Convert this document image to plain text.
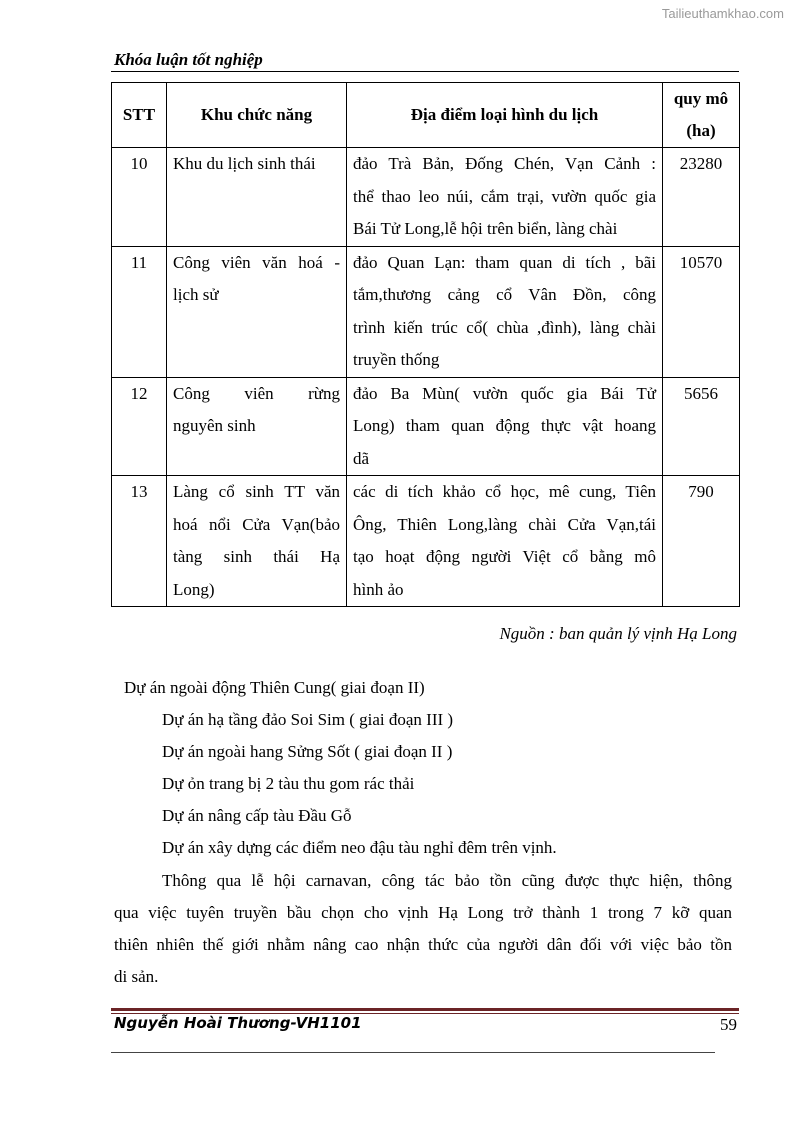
Tailieuthamkhao.com
Khóa luận tốt nghiệp
STT	Khu chức năng	Địa điểm loại hình du lịch	quy mô
(ha)

10	Khu du lịch sinh thái	đảo Trà Bản, Đống Chén, Vạn Cảnh :
thể thao leo núi, cắm trại, vườn quốc gia
Bái Tử Long,lễ hội trên biển, làng chài	23280
11	Công viên văn hoá -
lịch sử	đảo Quan Lạn: tham quan di tích , bãi
tắm,thương cảng cổ Vân Đồn, công
trình kiến trúc cổ( chùa ,đình), làng chài
truyền thống	10570
12	Công viên rừng
nguyên sinh	đảo Ba Mùn( vườn quốc gia Bái Tử
Long) tham quan động thực vật hoang
dã	5656
13	Làng cổ sinh TT văn
hoá nổi Cửa Vạn(bảo
tàng sinh thái Hạ
Long)	các di tích khảo cổ học, mê cung, Tiên
Ông, Thiên Long,làng chài Cửa Vạn,tái
tạo hoạt động người Việt cổ bằng mô
hình ảo	790
Nguồn : ban quản lý vịnh Hạ Long
Dự án ngoài động Thiên Cung( giai đoạn II)
Dự án hạ tầng đảo Soi Sim ( giai đoạn III )
Dự án ngoài hang Sửng Sốt ( giai đoạn II )
Dự ỏn trang bị 2 tàu thu gom rác thải
Dự án nâng cấp tàu Đầu Gỗ
Dự án xây dựng các điểm neo đậu tàu nghỉ đêm trên vịnh.
Thông qua lễ hội carnavan, công tác bảo tồn cũng được thực hiện, thông
qua việc tuyên truyền bầu chọn cho vịnh Hạ Long trở thành 1 trong 7 kỡ quan
thiên nhiên thế giới nhằm nâng cao nhận thức của người dân đối với việc bảo tồn
di sản.
Nguyễn Hoài Thương-VH1101	59
